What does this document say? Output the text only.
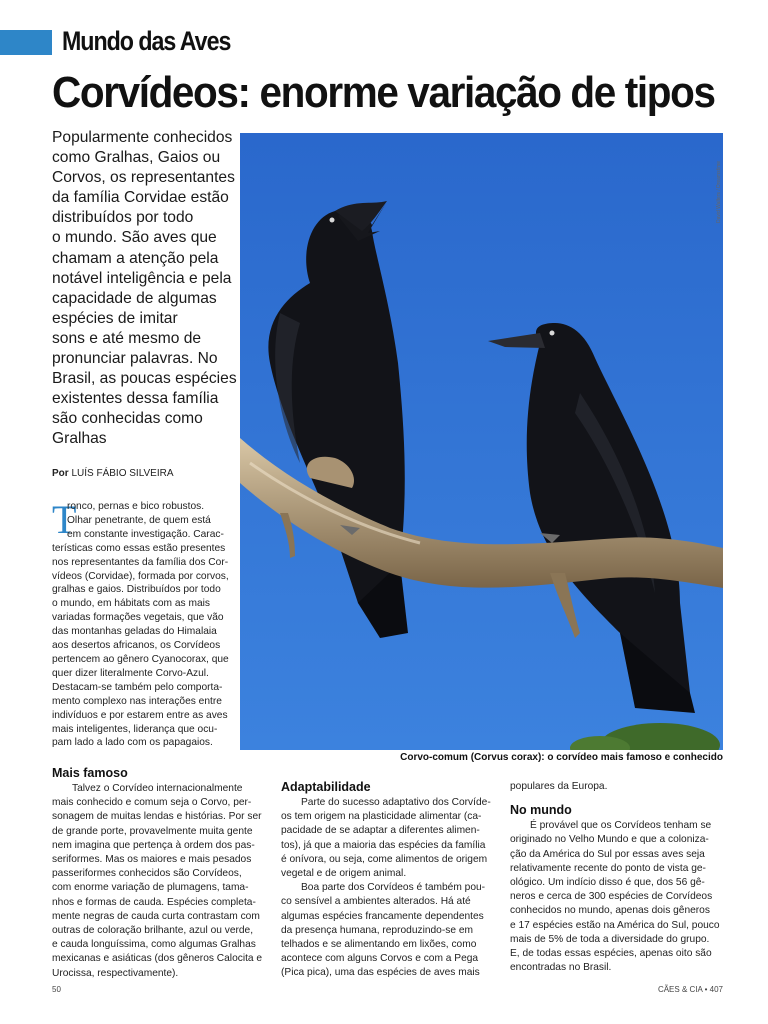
Mundo das Aves
Corvídeos: enorme variação de tipos
Popularmente conhecidos
como Gralhas, Gaios ou
Corvos, os representantes
da família Corvidae estão
distribuídos por todo
o mundo. São aves que
chamam a atenção pela
notável inteligência e pela
capacidade de algumas
espécies de imitar
sons e até mesmo de
pronunciar palavras. No
Brasil, as poucas espécies
existentes dessa família
são conhecidas como
Gralhas
Por LUÍS FÁBIO SILVEIRA
T
ronco, pernas e bico robustos.
Olhar penetrante, de quem está
em constante investigação. Carac-
terísticas como essas estão presentes
nos representantes da família dos Cor-
vídeos (Corvidae), formada por corvos,
gralhas e gaios. Distribuídos por todo
o mundo, em hábitats com as mais
variadas formações vegetais, que vão
das montanhas geladas do Himalaia
aos desertos africanos, os Corvídeos
pertencem ao gênero Cyanocorax, que
quer dizer literalmente Corvo-Azul.
Destacam-se também pelo comporta-
mento complexo nas interações entre
indivíduos e por estarem entre as aves
mais inteligentes, liderança que ocu-
pam lado a lado com os papagaios.
David Walters / Dreamstime
Corvo-comum (Corvus corax): o corvídeo mais famoso e conhecido
Mais famoso
Talvez o Corvídeo internacionalmente
mais conhecido e comum seja o Corvo, per-
sonagem de muitas lendas e histórias. Por ser
de grande porte, provavelmente muita gente
nem imagina que pertença à ordem dos pas-
seriformes. Mas os maiores e mais pesados
passeriformes conhecidos são Corvídeos,
com enorme variação de plumagens, tama-
nhos e formas de cauda. Espécies completa-
mente negras de cauda curta contrastam com
outras de coloração brilhante, azul ou verde,
e cauda longuíssima, como algumas Gralhas
mexicanas e asiáticas (dos gêneros Calocita e
Urocissa, respectivamente).
Adaptabilidade
Parte do sucesso adaptativo dos Corvíde-
os tem origem na plasticidade alimentar (ca-
pacidade de se adaptar a diferentes alimen-
tos), já que a maioria das espécies da família
é onívora, ou seja, come alimentos de origem
vegetal e de origem animal.
Boa parte dos Corvídeos é também pou-
co sensível a ambientes alterados. Há até
algumas espécies francamente dependentes
da presença humana, reproduzindo-se em
telhados e se alimentando em lixões, como
acontece com alguns Corvos e com a Pega
(Pica pica), uma das espécies de aves mais
populares da Europa.
No mundo
É provável que os Corvídeos tenham se
originado no Velho Mundo e que a coloniza-
ção da América do Sul por essas aves seja
relativamente recente do ponto de vista ge-
ológico. Um indício disso é que, dos 56 gê-
neros e cerca de 300 espécies de Corvídeos
conhecidos no mundo, apenas dois gêneros
e 17 espécies estão na América do Sul, pouco
mais de 5% de toda a diversidade do grupo.
E, de todas essas espécies, apenas oito são
encontradas no Brasil.
50	CÃES & CIA • 407
